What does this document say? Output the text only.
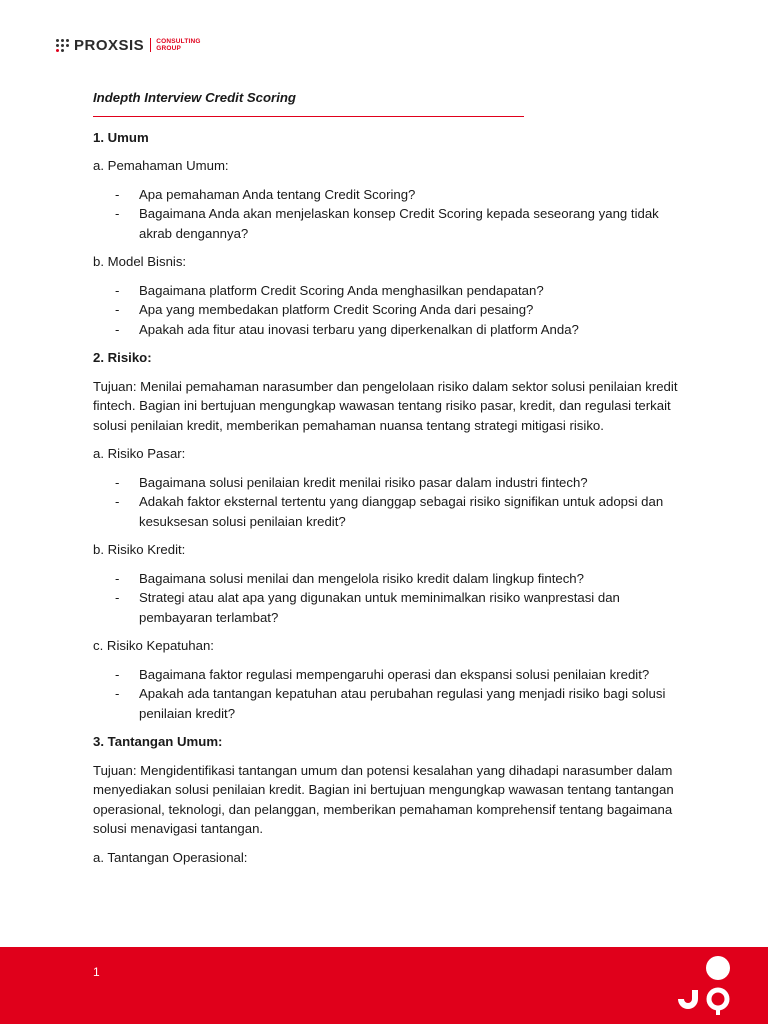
PROXSIS CONSULTING
GROUP

Indepth Interview Credit Scoring

1. Umum

a. Pemahaman Umum:

- Apa pemahaman Anda tentang Credit Scoring?
- Bagaimana Anda akan menjelaskan konsep Credit Scoring kepada seseorang yang tidak akrab dengannya?

b. Model Bisnis:

- Bagaimana platform Credit Scoring Anda menghasilkan pendapatan?
- Apa yang membedakan platform Credit Scoring Anda dari pesaing?
- Apakah ada fitur atau inovasi terbaru yang diperkenalkan di platform Anda?

2. Risiko:

Tujuan: Menilai pemahaman narasumber dan pengelolaan risiko dalam sektor solusi penilaian kredit fintech. Bagian ini bertujuan mengungkap wawasan tentang risiko pasar, kredit, dan regulasi terkait solusi penilaian kredit, memberikan pemahaman nuansa tentang strategi mitigasi risiko.

a. Risiko Pasar:

- Bagaimana solusi penilaian kredit menilai risiko pasar dalam industri fintech?
- Adakah faktor eksternal tertentu yang dianggap sebagai risiko signifikan untuk adopsi dan kesuksesan solusi penilaian kredit?

b. Risiko Kredit:

- Bagaimana solusi menilai dan mengelola risiko kredit dalam lingkup fintech?
- Strategi atau alat apa yang digunakan untuk meminimalkan risiko wanprestasi dan pembayaran terlambat?

c. Risiko Kepatuhan:

- Bagaimana faktor regulasi mempengaruhi operasi dan ekspansi solusi penilaian kredit?
- Apakah ada tantangan kepatuhan atau perubahan regulasi yang menjadi risiko bagi solusi penilaian kredit?

3. Tantangan Umum:

Tujuan: Mengidentifikasi tantangan umum dan potensi kesalahan yang dihadapi narasumber dalam menyediakan solusi penilaian kredit. Bagian ini bertujuan mengungkap wawasan tentang tantangan operasional, teknologi, dan pelanggan, memberikan pemahaman komprehensif tentang bagaimana solusi menavigasi tantangan.

a. Tantangan Operasional:

1
